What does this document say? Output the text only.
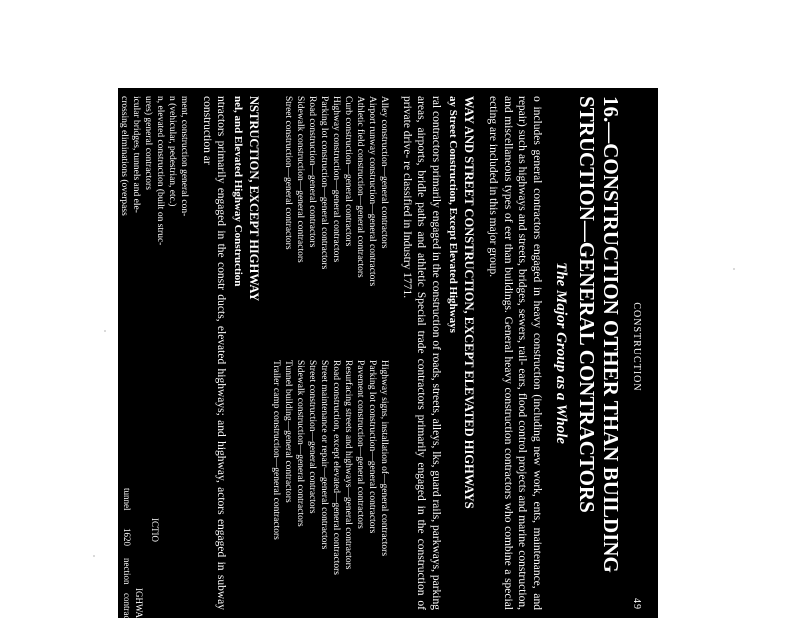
CONSTRUCTION
49
16.—CONSTRUCTION OTHER THAN BUILDING
STRUCTION—GENERAL CONTRACTORS
The Major Group as a Whole

o includes general contractors engaged in heavy construction (including new work, ents, maintenance, and repair) such as highways and streets, bridges, sewers, rail- ears, flood control projects and marine construction, and miscellaneous types of eer than buildings. General heavy construction contractors who combine a special ecting are included in this major group.

WAY AND STREET CONSTRUCTION, EXCEPT ELEVATED HIGHWAYS
ay Street Construction, Except Elevated Highways

ral contractors primarily engaged in the construction of roads, streets, alleys, lks, guard rails, parkways, parking areas, airports, bridle paths and athletic Special trade contractors primarily engaged in the construction of private drive- re classified in Industry 1771.

Alley construction—general contractors
Airport runway construction—general contractors
Athletic field construction—general contractors
Curb construction—general contractors
Highway construction—general contractors
Parking lot construction—general contractors
Road construction—general contractors
Sidewalk construction—general contractors
Street construction—general contractors
Highway signs, installation of—general contractors
Parking lot construction—general contractors
Pavement construction—general contractors
Resurfacing streets and highways—general contractors
Road construction, except elevated—general contractors
Street maintenance or repair—general contractors
Street construction—general contractors
Sidewalk construction—general contractors
Tunnel building—general contractors
Trailer camp construction—general contractors
NSTRUCTION, EXCEPT HIGHWAY
nel, and Elevated Highway Construction

ntractors primarily engaged in the constr ducts, elevated highways; and highway, actors engaged in subway construction ar

ment, construction general con-
n (vehicular, pedestrian, etc.)
n, elevated construction (built on struc-
ures) general contractors
icular bridges, tunnels and ele-
crossing eliminations (overpass
underpass) general contractors
auto
tunnel
1620
nection
contrac IGHWA
ICTIO
